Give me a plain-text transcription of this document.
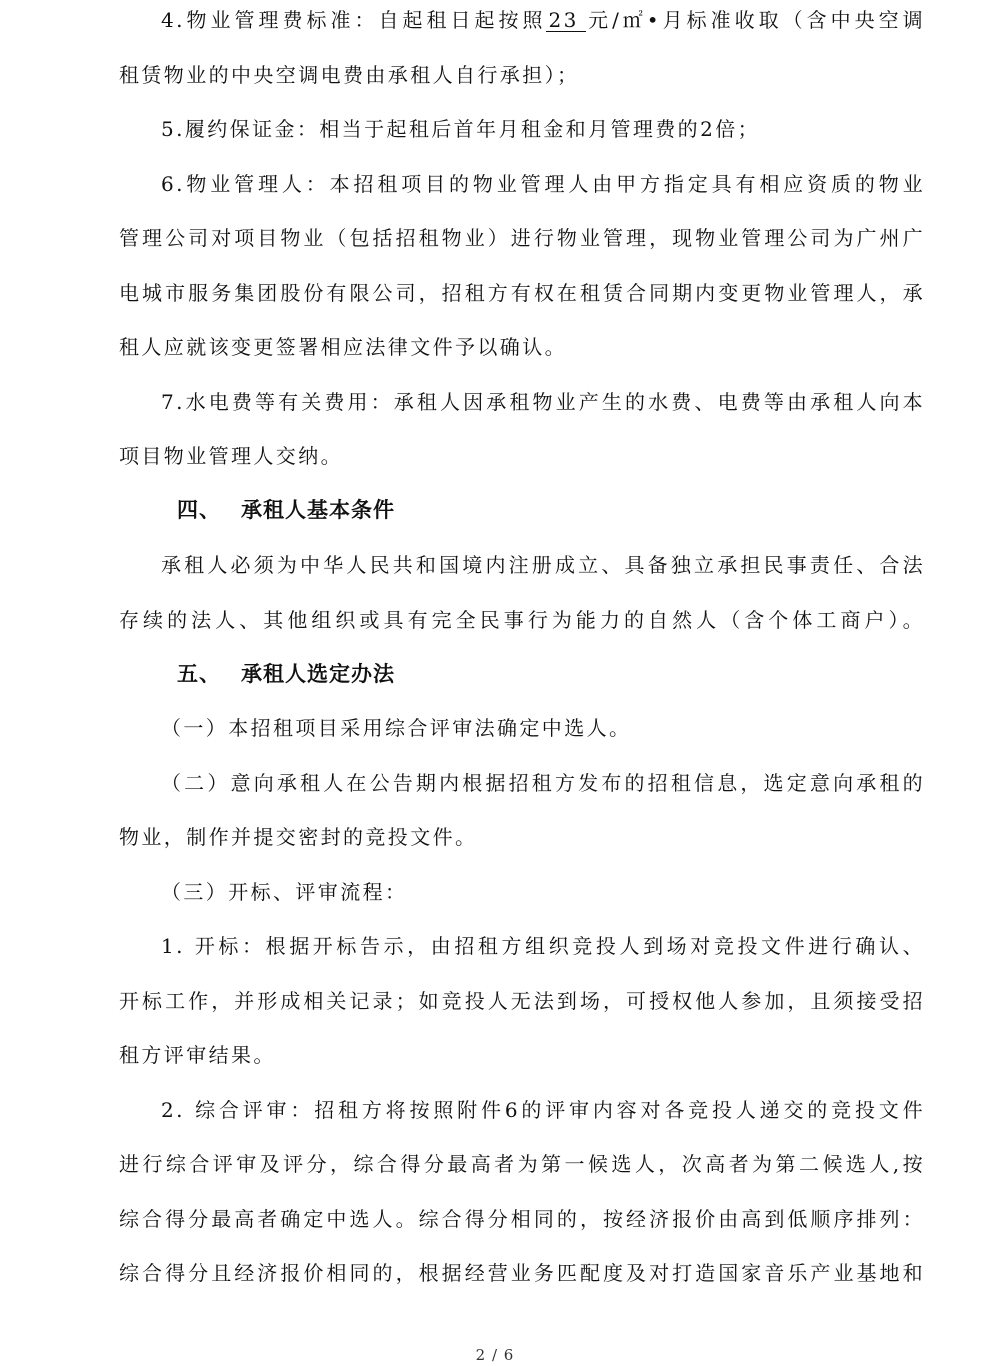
4.物业管理费标准：自起租日起按照 23 元/㎡•月标准收取（含中央空调
租赁物业的中央空调电费由承租人自行承担）；
5.履约保证金：相当于起租后首年月租金和月管理费的2倍；
6.物业管理人：本招租项目的物业管理人由甲方指定具有相应资质的物业
管理公司对项目物业（包括招租物业）进行物业管理，现物业管理公司为广州广
电城市服务集团股份有限公司，招租方有权在租赁合同期内变更物业管理人，承
租人应就该变更签署相应法律文件予以确认。
7.水电费等有关费用：承租人因承租物业产生的水费、电费等由承租人向本
项目物业管理人交纳。
四、 承租人基本条件
承租人必须为中华人民共和国境内注册成立、具备独立承担民事责任、合法
存续的法人、其他组织或具有完全民事行为能力的自然人（含个体工商户）。
五、 承租人选定办法
（一）本招租项目采用综合评审法确定中选人。
（二）意向承租人在公告期内根据招租方发布的招租信息，选定意向承租的
物业，制作并提交密封的竞投文件。
（三）开标、评审流程：
1. 开标：根据开标告示，由招租方组织竞投人到场对竞投文件进行确认、
开标工作，并形成相关记录；如竞投人无法到场，可授权他人参加，且须接受招
租方评审结果。
2. 综合评审：招租方将按照附件6的评审内容对各竞投人递交的竞投文件
进行综合评审及评分，综合得分最高者为第一候选人，次高者为第二候选人,按
综合得分最高者确定中选人。综合得分相同的，按经济报价由高到低顺序排列：
综合得分且经济报价相同的，根据经营业务匹配度及对打造国家音乐产业基地和
2 / 6
